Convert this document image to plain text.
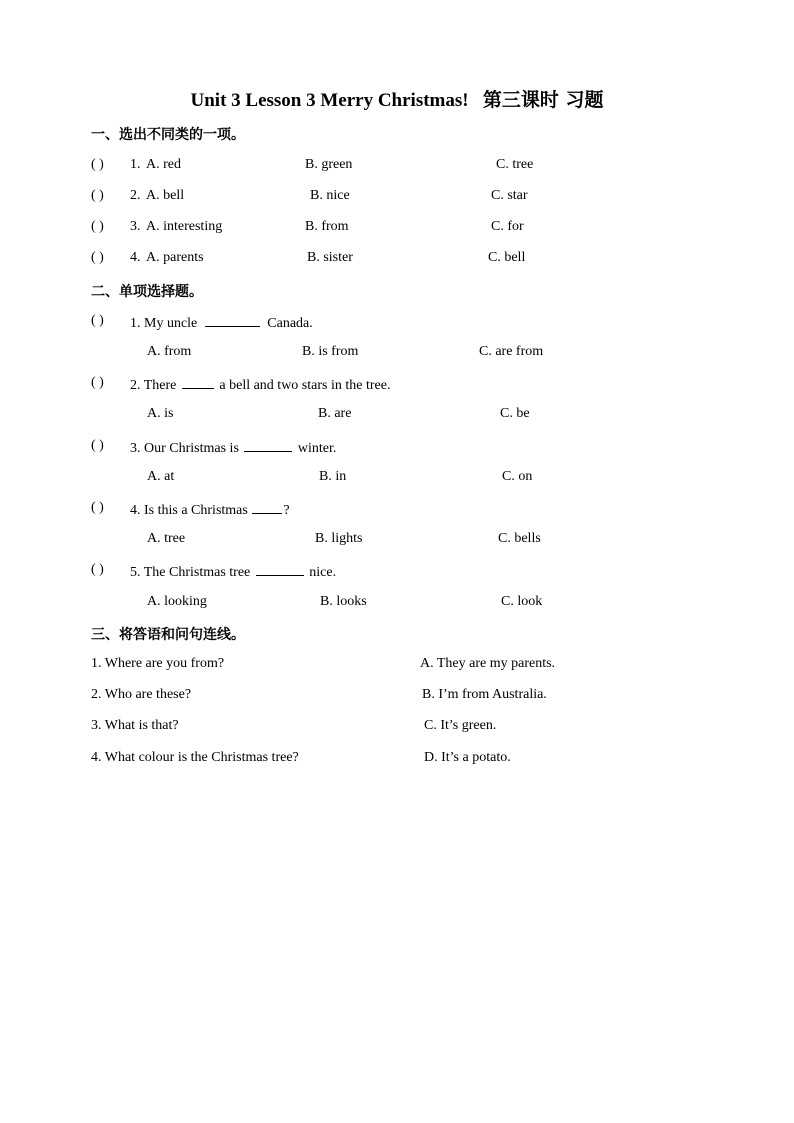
Unit 3 Lesson 3 Merry Christmas! 第三课时 习题
一、选出不同类的一项。
( ) 1. A. red	B. green	C. tree
( ) 2. A. bell	B. nice	C. star
( ) 3. A. interesting	B. from	C. for
( ) 4. A. parents	B. sister	C. bell
二、单项选择题。
( ) 1. My uncle	Canada.
A. from	B. is from	C. are from
( ) 2. There	a bell and two stars in the tree.
A. is	B. are	C. be
( ) 3. Our Christmas is	winter.
A. at	B. in	C. on
( ) 4. Is this a Christmas ?
A. tree	B. lights	C. bells
( ) 5. The Christmas tree	nice.
A. looking	B. looks	C. look
三、将答语和问句连线。
1. Where are you from?	A. They are my parents.
2. Who are these?	B. I’m from Australia.
3. What is that?	C. It’s green.
4. What colour is the Christmas tree?	D. It’s a potato.
